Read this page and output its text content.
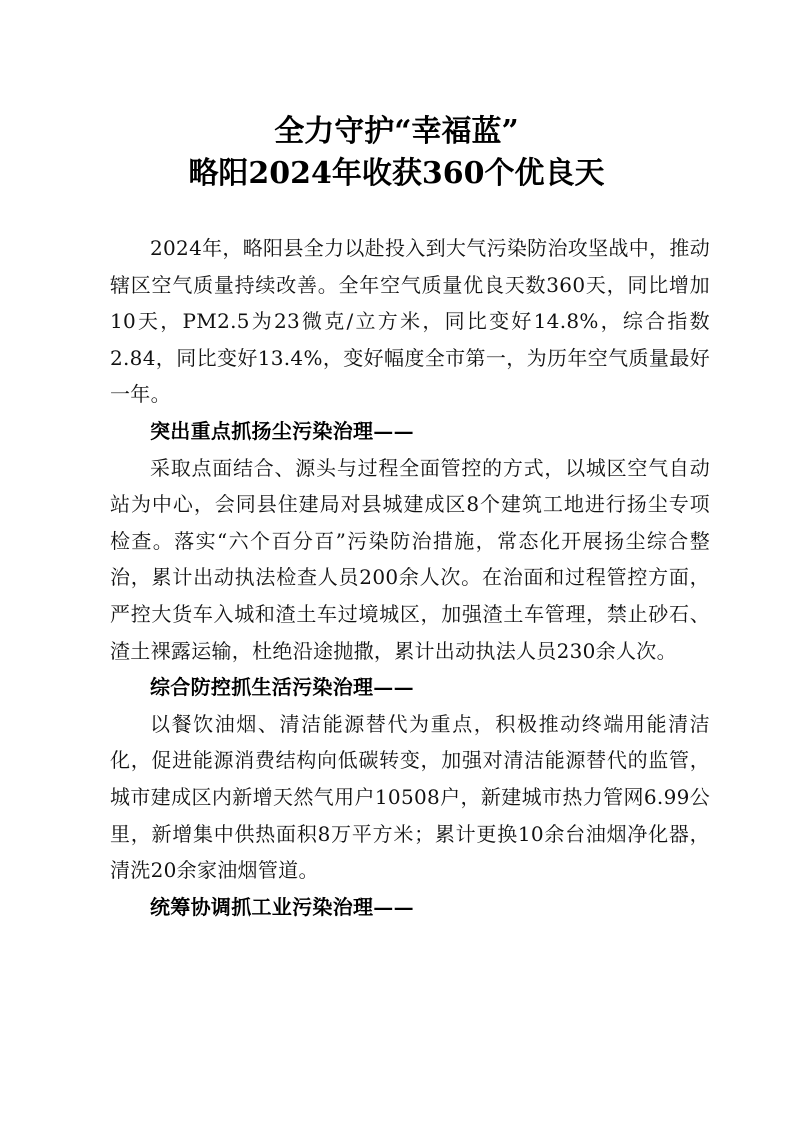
全力守护“幸福蓝”
略阳2024年收获360个优良天

2024年，略阳县全力以赴投入到大气污染防治攻坚战中，推动辖区空气质量持续改善。全年空气质量优良天数360天，同比增加10天，PM2.5为23微克/立方米，同比变好14.8%，综合指数2.84，同比变好13.4%，变好幅度全市第一，为历年空气质量最好一年。

突出重点抓扬尘污染治理——

采取点面结合、源头与过程全面管控的方式，以城区空气自动站为中心，会同县住建局对县城建成区8个建筑工地进行扬尘专项检查。落实“六个百分百”污染防治措施，常态化开展扬尘综合整治，累计出动执法检查人员200余人次。在治面和过程管控方面，严控大货车入城和渣土车过境城区，加强渣土车管理，禁止砂石、渣土裸露运输，杜绝沿途抛撒，累计出动执法人员230余人次。

综合防控抓生活污染治理——

以餐饮油烟、清洁能源替代为重点，积极推动终端用能清洁化，促进能源消费结构向低碳转变，加强对清洁能源替代的监管，城市建成区内新增天然气用户10508户，新建城市热力管网6.99公里，新增集中供热面积8万平方米；累计更换10余台油烟净化器，清洗20余家油烟管道。

统筹协调抓工业污染治理——
